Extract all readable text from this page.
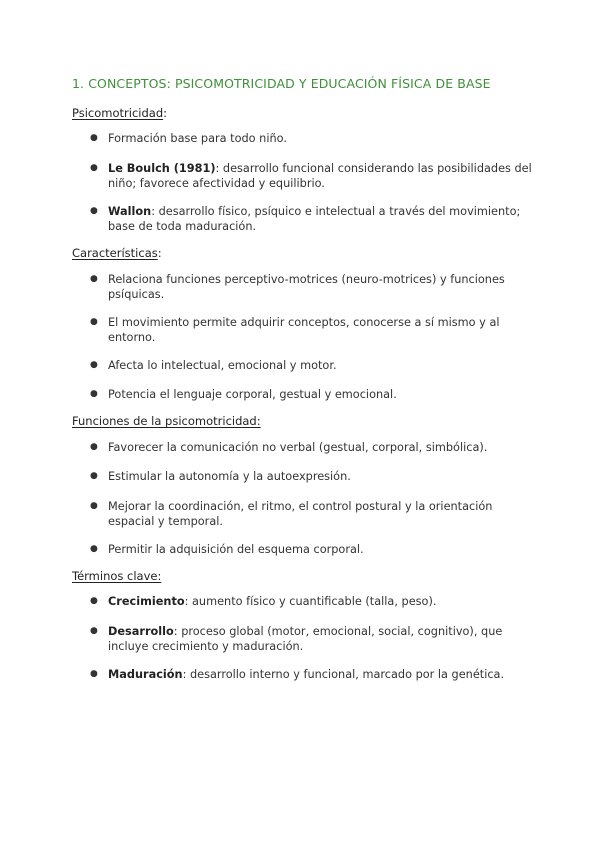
1. CONCEPTOS: PSICOMOTRICIDAD Y EDUCACIÓN FÍSICA DE BASE
Psicomotricidad:
● Formación base para todo niño.
● Le Boulch (1981): desarrollo funcional considerando las posibilidades del niño; favorece afectividad y equilibrio.
● Wallon: desarrollo físico, psíquico e intelectual a través del movimiento; base de toda maduración.
Características:
● Relaciona funciones perceptivo-motrices (neuro-motrices) y funciones psíquicas.
● El movimiento permite adquirir conceptos, conocerse a sí mismo y al entorno.
● Afecta lo intelectual, emocional y motor.
● Potencia el lenguaje corporal, gestual y emocional.
Funciones de la psicomotricidad:
● Favorecer la comunicación no verbal (gestual, corporal, simbólica).
● Estimular la autonomía y la autoexpresión.
● Mejorar la coordinación, el ritmo, el control postural y la orientación espacial y temporal.
● Permitir la adquisición del esquema corporal.
Términos clave:
● Crecimiento: aumento físico y cuantificable (talla, peso).
● Desarrollo: proceso global (motor, emocional, social, cognitivo), que incluye crecimiento y maduración.
● Maduración: desarrollo interno y funcional, marcado por la genética.
